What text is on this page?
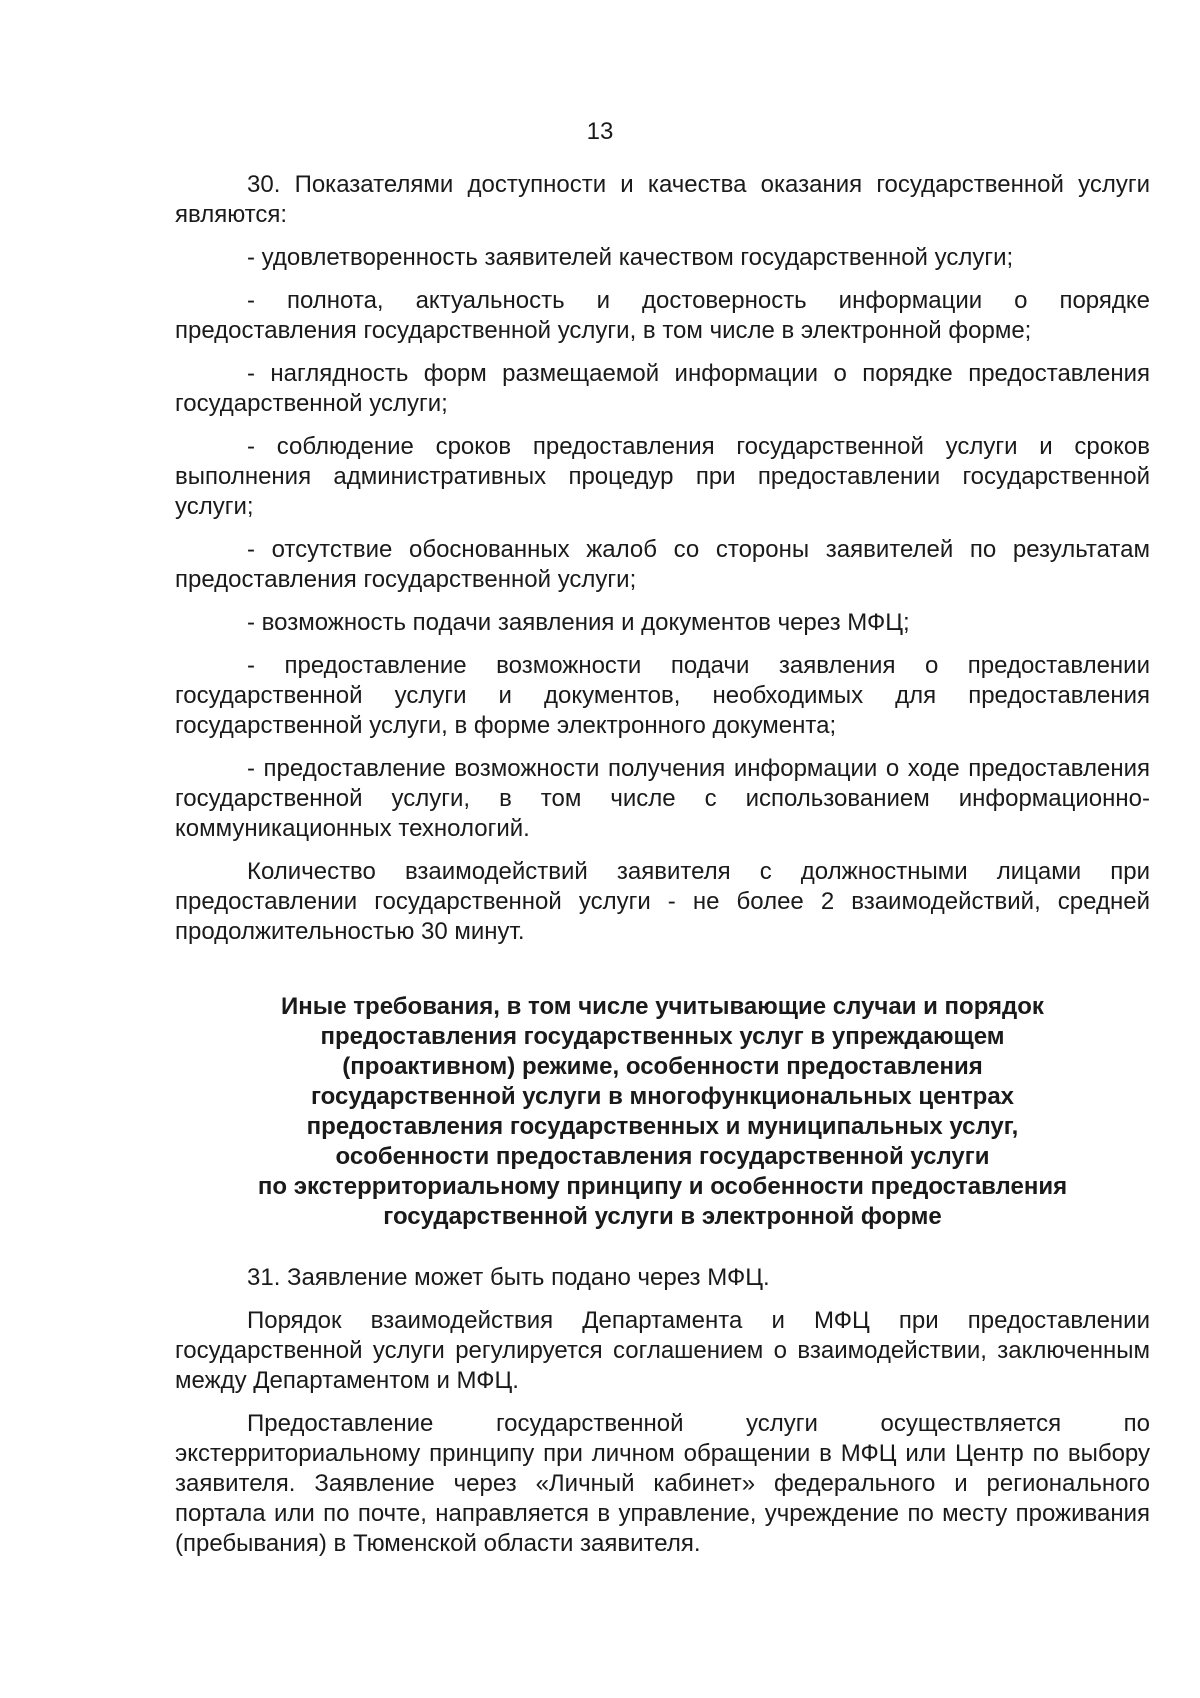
13

30. Показателями доступности и качества оказания государственной услуги являются:

- удовлетворенность заявителей качеством государственной услуги;

- полнота, актуальность и достоверность информации о порядке предоставления государственной услуги, в том числе в электронной форме;

- наглядность форм размещаемой информации о порядке предоставления государственной услуги;

- соблюдение сроков предоставления государственной услуги и сроков выполнения административных процедур при предоставлении государственной услуги;

- отсутствие обоснованных жалоб со стороны заявителей по результатам предоставления государственной услуги;

- возможность подачи заявления и документов через МФЦ;

- предоставление возможности подачи заявления о предоставлении государственной услуги и документов, необходимых для предоставления государственной услуги, в форме электронного документа;

- предоставление возможности получения информации о ходе предоставления государственной услуги, в том числе с использованием информационно-коммуникационных технологий.

Количество взаимодействий заявителя с должностными лицами при предоставлении государственной услуги - не более 2 взаимодействий, средней продолжительностью 30 минут.

Иные требования, в том числе учитывающие случаи и порядок
предоставления государственных услуг в упреждающем
(проактивном) режиме, особенности предоставления
государственной услуги в многофункциональных центрах
предоставления государственных и муниципальных услуг,
особенности предоставления государственной услуги
по экстерриториальному принципу и особенности предоставления
государственной услуги в электронной форме

31. Заявление может быть подано через МФЦ.

Порядок взаимодействия Департамента и МФЦ при предоставлении государственной услуги регулируется соглашением о взаимодействии, заключенным между Департаментом и МФЦ.

Предоставление государственной услуги осуществляется по экстерриториальному принципу при личном обращении в МФЦ или Центр по выбору заявителя. Заявление через «Личный кабинет» федерального и регионального портала или по почте, направляется в управление, учреждение по месту проживания (пребывания) в Тюменской области заявителя.
